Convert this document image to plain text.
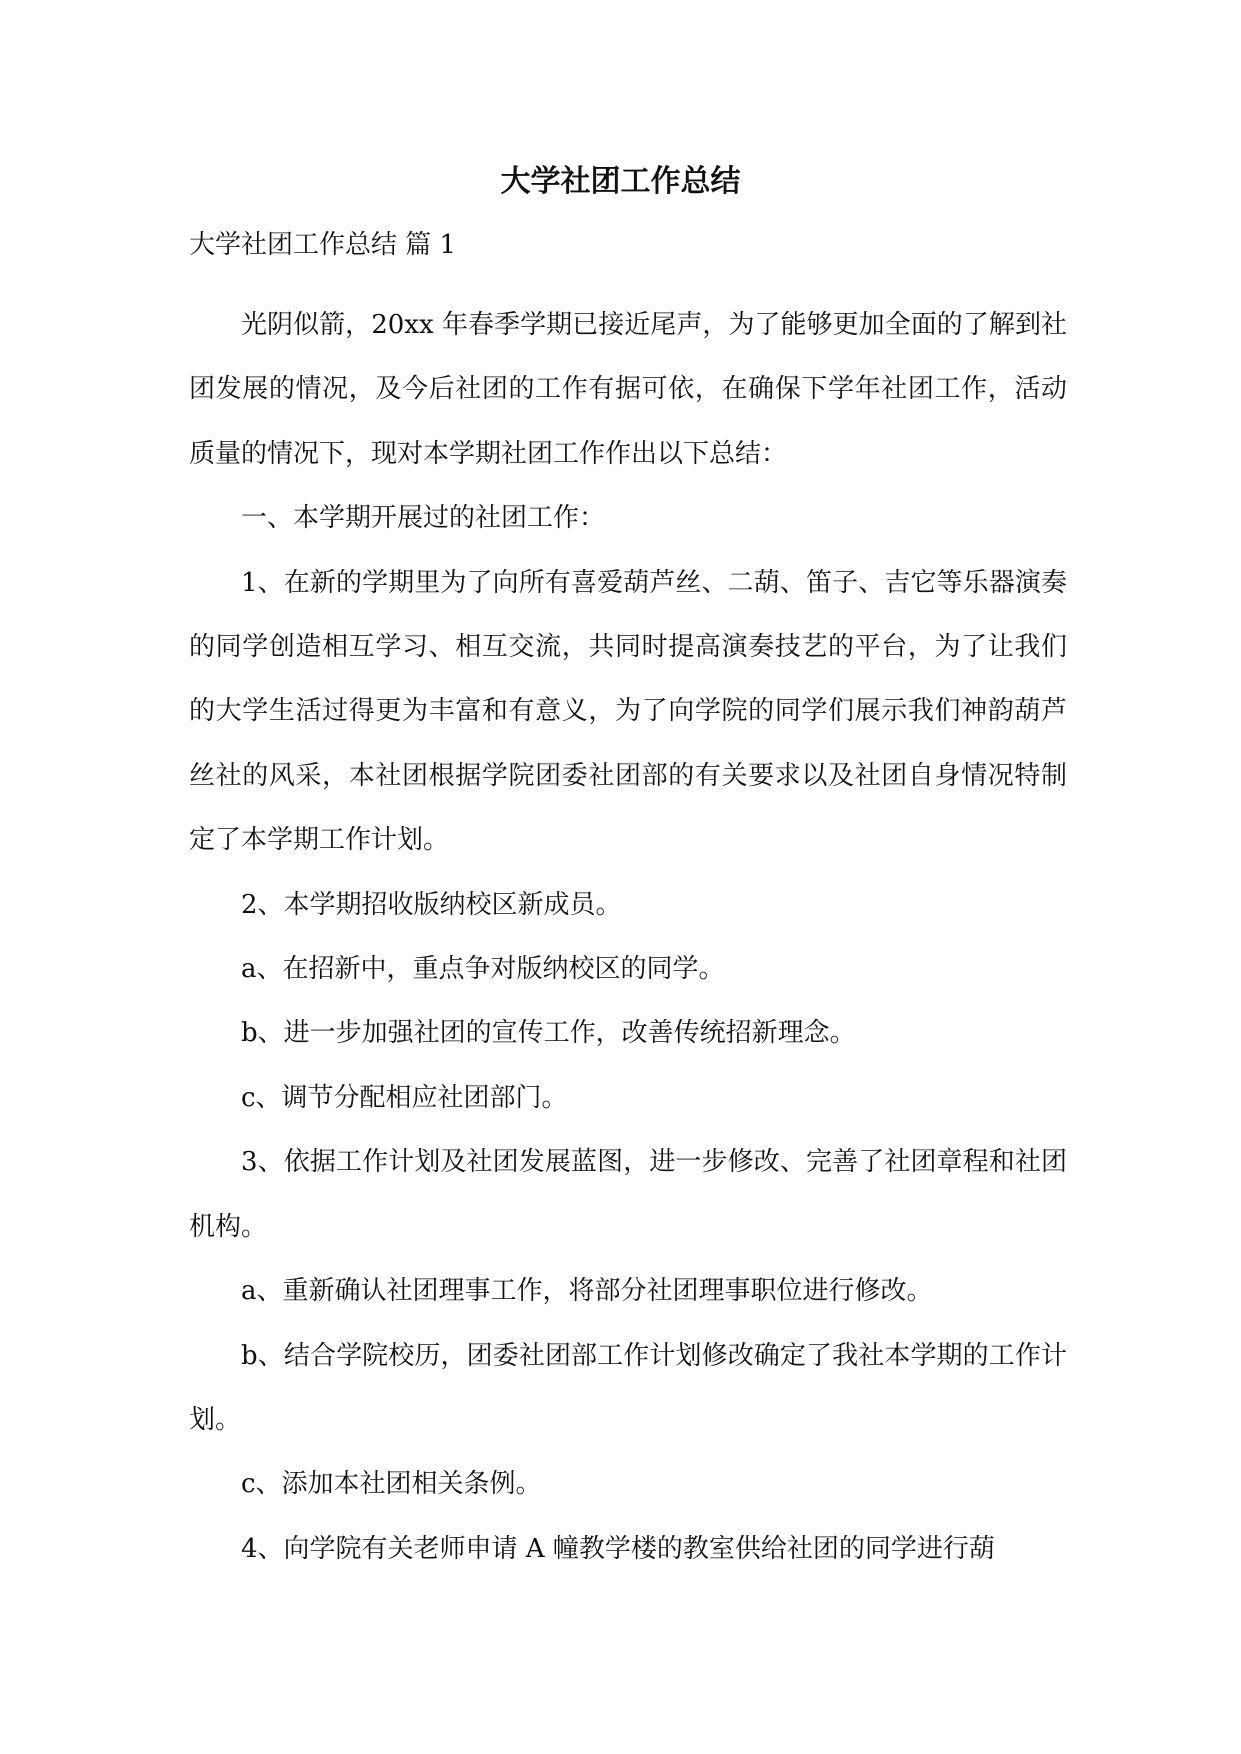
大学社团工作总结

大学社团工作总结 篇 1

光阴似箭，20xx 年春季学期已接近尾声，为了能够更加全面的了解到社团发展的情况，及今后社团的工作有据可依，在确保下学年社团工作，活动质量的情况下，现对本学期社团工作作出以下总结：

一、本学期开展过的社团工作：

1、在新的学期里为了向所有喜爱葫芦丝、二葫、笛子、吉它等乐器演奏的同学创造相互学习、相互交流，共同时提高演奏技艺的平台，为了让我们的大学生活过得更为丰富和有意义，为了向学院的同学们展示我们神韵葫芦丝社的风采，本社团根据学院团委社团部的有关要求以及社团自身情况特制定了本学期工作计划。

2、本学期招收版纳校区新成员。

a、在招新中，重点争对版纳校区的同学。

b、进一步加强社团的宣传工作，改善传统招新理念。

c、调节分配相应社团部门。

3、依据工作计划及社团发展蓝图，进一步修改、完善了社团章程和社团机构。

a、重新确认社团理事工作，将部分社团理事职位进行修改。

b、结合学院校历，团委社团部工作计划修改确定了我社本学期的工作计划。

c、添加本社团相关条例。

4、向学院有关老师申请 A 幢教学楼的教室供给社团的同学进行葫
